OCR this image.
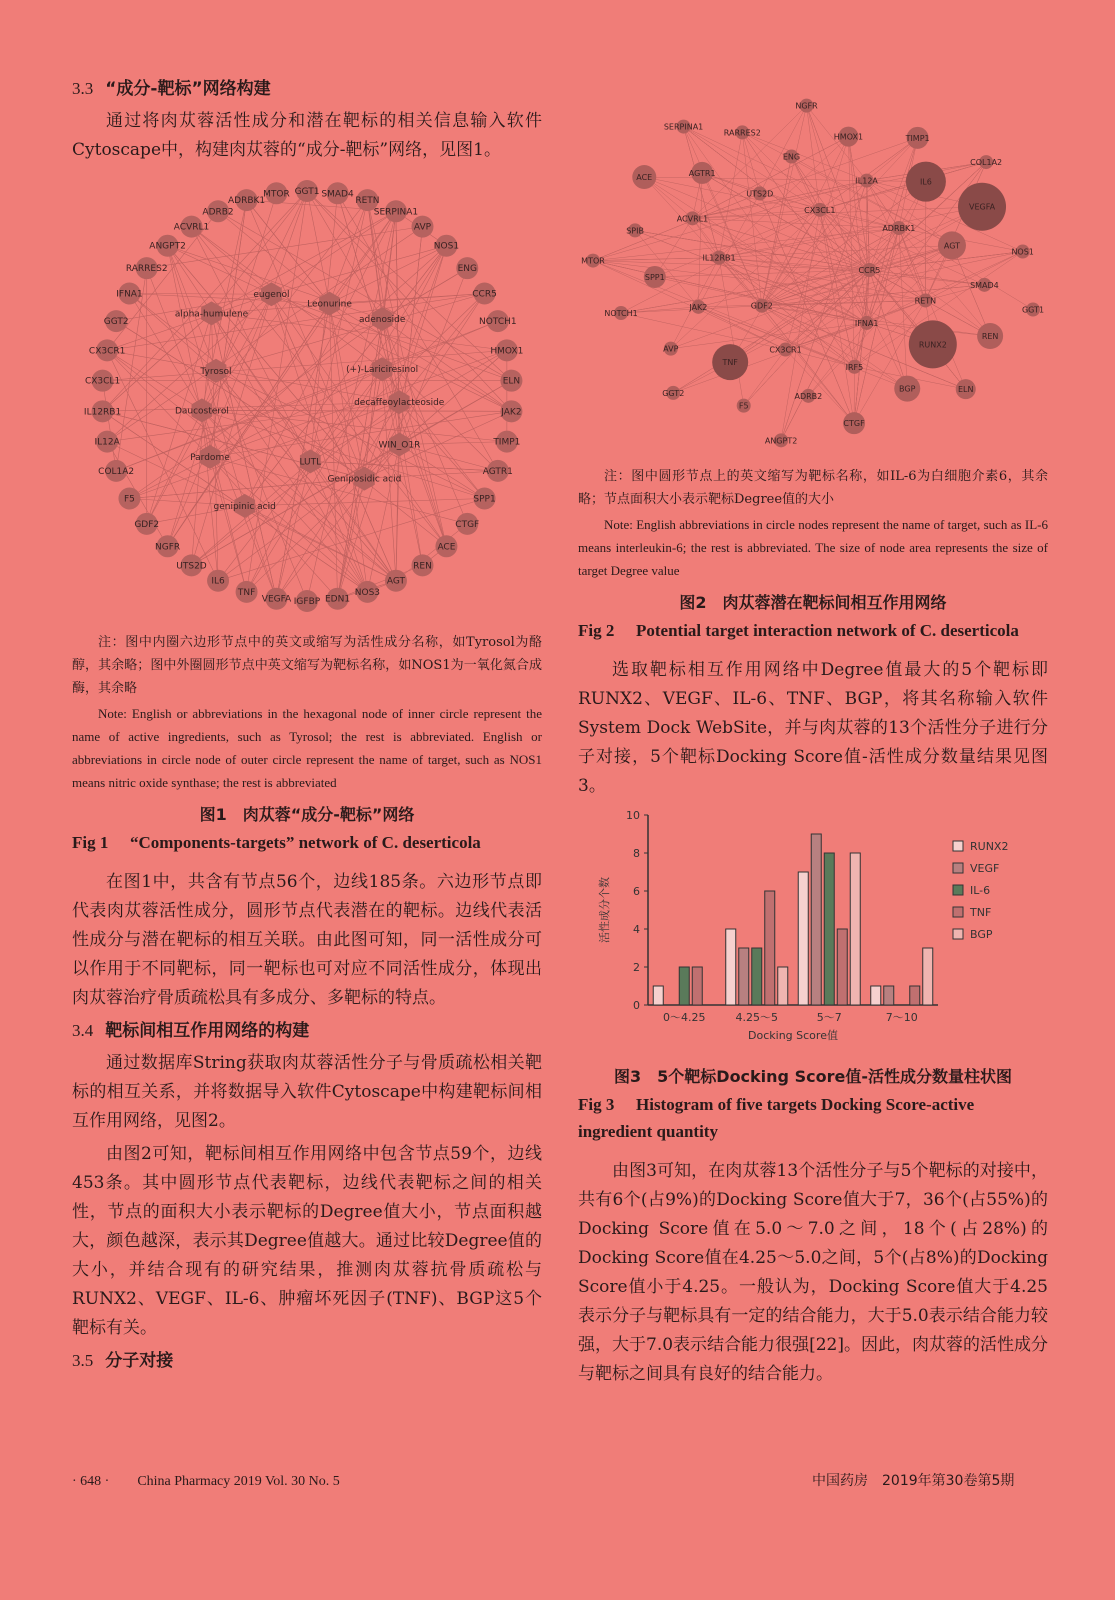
3.3 “成分-靶标”网络构建

通过将肉苁蓉活性成分和潜在靶标的相关信息输入软件Cytoscape中，构建肉苁蓉的“成分-靶标”网络，见图1。

GGT1 SMAD4
RETN
SERPINA1
AVP
NOS1
ENG
CCR5
NOTCH1
HMOX1
ELN
JAK2
TIMP1
AGTR1
SPP1
CTGF
ACE
REN
AGT
NOS3
EDN1
IGFBP
VEGFA
TNF
IL6
UTS2D
NGFR
GDF2
F5
COL1A2
IL12A
IL12RB1
CX3CL1
CX3CR1
GGT2
IFNA1
RARRES2
ANGPT2
ACVRL1
ADRB2
ADRBK1
MTOR
Leonurine
adenoside
(+)-Lariciresinol
decaffeoylacteoside
WIN_O1R
Geniposidic acid
LUTL
genipinic acid
Pardome
Daucosterol
Tyrosol
alpha-humulene
eugenol

注：图中内圈六边形节点中的英文或缩写为活性成分名称，如Tyrosol为酪醇，其余略；图中外圈圆形节点中英文缩写为靶标名称，如NOS1为一氧化氮合成酶，其余略

Note: English or abbreviations in the hexagonal node of inner circle represent the name of active ingredients, such as Tyrosol; the rest is abbreviated. English or abbreviations in circle node of outer circle represent the name of target, such as NOS1 means nitric oxide synthase; the rest is abbreviated

图1　肉苁蓉“成分-靶标”网络
Fig 1 “Components-targets” network of C. deserticola

在图1中，共含有节点56个，边线185条。六边形节点即代表肉苁蓉活性成分，圆形节点代表潜在的靶标。边线代表活性成分与潜在靶标的相互关联。由此图可知，同一活性成分可以作用于不同靶标，同一靶标也可对应不同活性成分，体现出肉苁蓉治疗骨质疏松具有多成分、多靶标的特点。

3.4 靶标间相互作用网络的构建

通过数据库String获取肉苁蓉活性分子与骨质疏松相关靶标的相互关系，并将数据导入软件Cytoscape中构建靶标间相互作用网络，见图2。

由图2可知，靶标间相互作用网络中包含节点59个，边线453条。其中圆形节点代表靶标，边线代表靶标之间的相关性，节点的面积大小表示靶标的Degree值大小，节点面积越大，颜色越深，表示其Degree值越大。通过比较Degree值的大小，并结合现有的研究结果，推测肉苁蓉抗骨质疏松与RUNX2、VEGF、IL-6、肿瘤坏死因子(TNF)、BGP这5个靶标有关。

3.5 分子对接
CCR5
GDF2
CX3CL1
IFNA1
IL12RB1
ADRBK1
CX3CR1
UTS2D
RETN
JAK2
IL12A
IRF5
ACVRL1
AGT
TNF
ENG
RUNX2
SPP1
IL6
ADRB2
AGTR1
SMAD4
AVP
HMOX1
BGP
SPIB
VEGFA
F5
RARRES2
REN
NOTCH1
TIMP1
CTGF
ACE
NOS1
GGT2
NGFR
ELN
MTOR
COL1A2
ANGPT2
SERPINA1
GGT1

注：图中圆形节点上的英文缩写为靶标名称，如IL-6为白细胞介素6，其余略；节点面积大小表示靶标Degree值的大小

Note: English abbreviations in circle nodes represent the name of target, such as IL-6 means interleukin-6; the rest is abbreviated. The size of node area represents the size of target Degree value

图2　肉苁蓉潜在靶标间相互作用网络
Fig 2 Potential target interaction network of C. deserticola

选取靶标相互作用网络中Degree值最大的5个靶标即RUNX2、VEGF、IL-6、TNF、BGP，将其名称输入软件System Dock WebSite，并与肉苁蓉的13个活性分子进行分子对接，5个靶标Docking Score值-活性成分数量结果见图3。

0
2
4
6
8
10
活性成分个数
0～4.25	4.25～5	5～7	7～10
Docking Score值
RUNX2
VEGF
IL-6
TNF
BGP
图3　5个靶标Docking Score值-活性成分数量柱状图
Fig 3 Histogram of five targets Docking Score-active ingredient quantity

由图3可知，在肉苁蓉13个活性分子与5个靶标的对接中，共有6个(占9%)的Docking Score值大于7，36个(占55%)的Docking Score值在5.0～7.0之间，18个(占28%)的Docking Score值在4.25～5.0之间，5个(占8%)的Docking Score值小于4.25。一般认为，Docking Score值大于4.25表示分子与靶标具有一定的结合能力，大于5.0表示结合能力较强，大于7.0表示结合能力很强[22]。因此，肉苁蓉的活性成分与靶标之间具有良好的结合能力。

· 648 ·　　China Pharmacy 2019 Vol. 30 No. 5	中国药房　2019年第30卷第5期
